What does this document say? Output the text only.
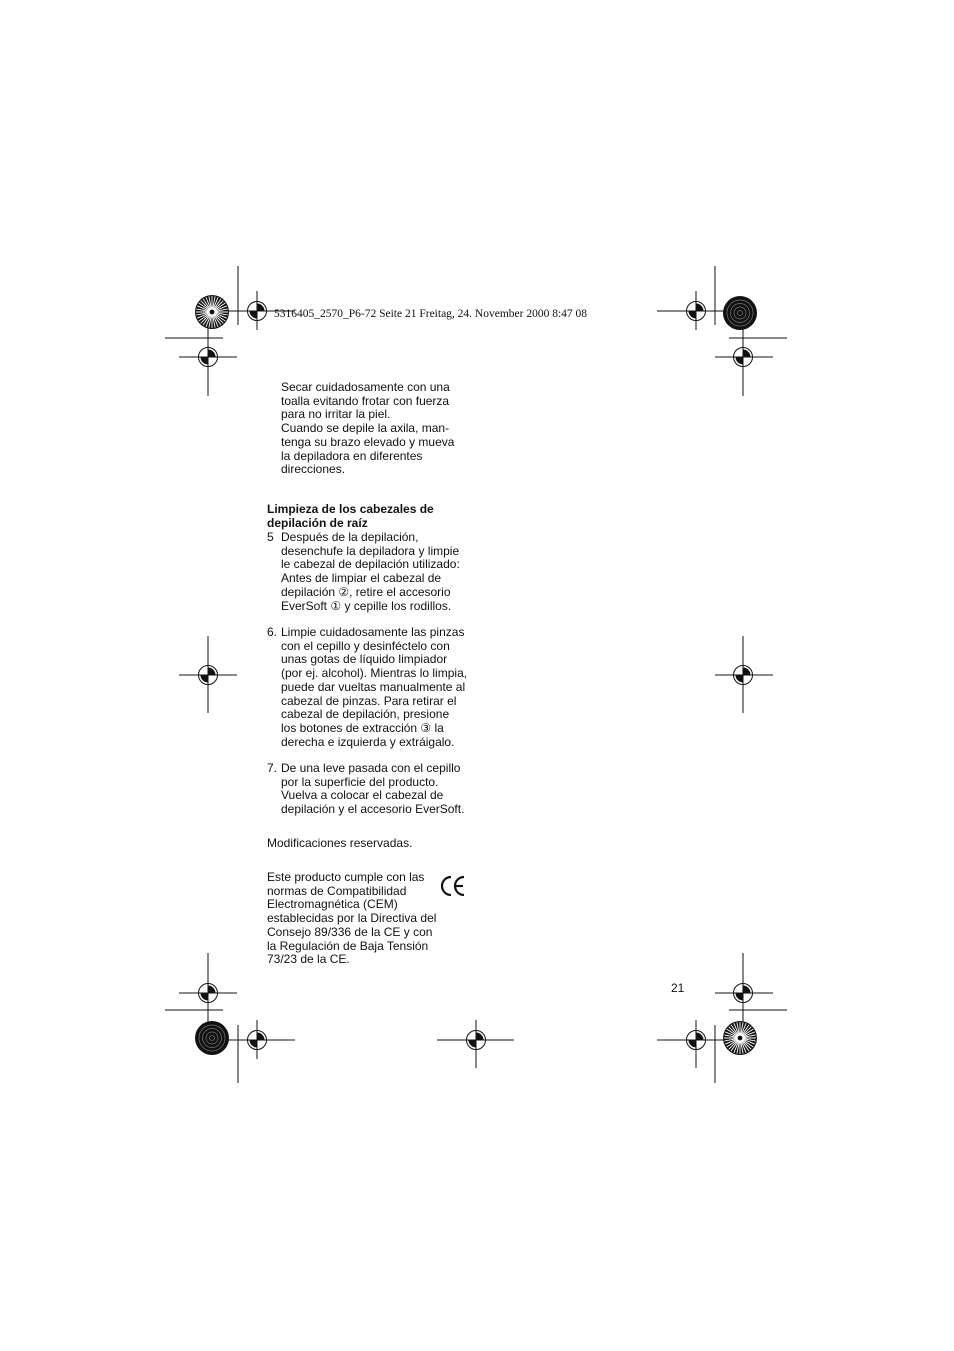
5316405_2570_P6-72 Seite 21 Freitag, 24. November 2000 8:47 08
Secar cuidadosamente con una
toalla evitando frotar con fuerza
para no irritar la piel.
Cuando se depile la axila, man-
tenga su brazo elevado y mueva
la depiladora en diferentes
direcciones.
Limpieza de los cabezales de
depilación de raíz
5 Después de la depilación,
desenchufe la depiladora y limpie
le cabezal de depilación utilizado:
Antes de limpiar el cabezal de
depilación ②, retire el accesorio
EverSoft ① y cepille los rodillos.
6. Limpie cuidadosamente las pinzas
con el cepillo y desinféctelo con
unas gotas de líquido limpiador
(por ej. alcohol). Mientras lo limpia,
puede dar vueltas manualmente al
cabezal de pinzas. Para retirar el
cabezal de depilación, presione
los botones de extracción ③ la
derecha e izquierda y extráigalo.
7. De una leve pasada con el cepillo
por la superficie del producto.
Vuelva a colocar el cabezal de
depilación y el accesorio EverSoft.
Modificaciones reservadas.
Este producto cumple con las
normas de Compatibilidad
Electromagnética (CEM)
establecidas por la Directiva del
Consejo 89/336 de la CE y con
la Regulación de Baja Tensión
73/23 de la CE.
21
